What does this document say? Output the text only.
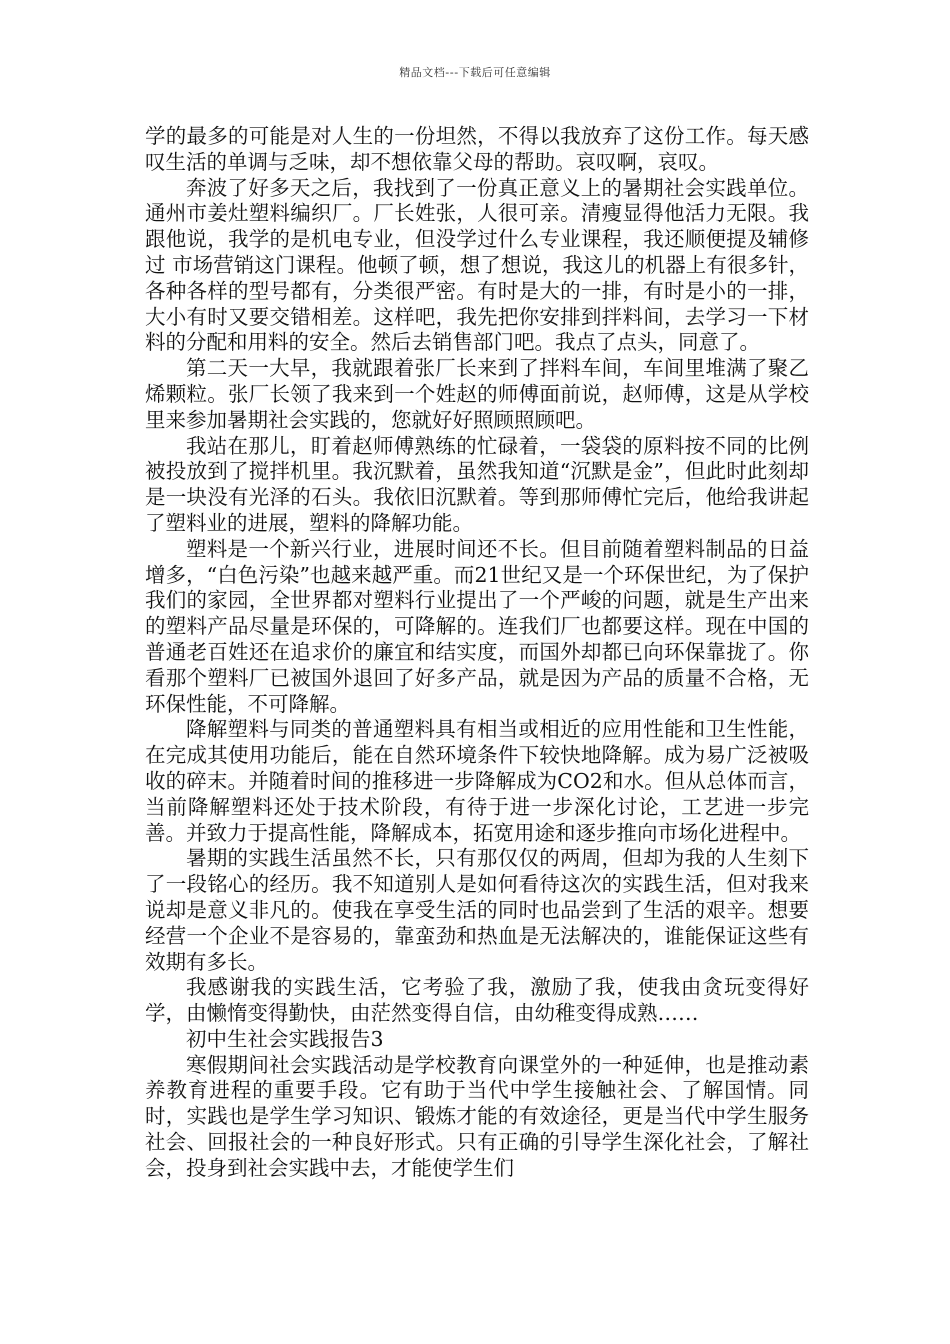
精品文档---下载后可任意编辑

学的最多的可能是对人生的一份坦然，不得以我放弃了这份工作。每天感叹生活的单调与乏味，却不想依靠父母的帮助。哀叹啊，哀叹。

奔波了好多天之后，我找到了一份真正意义上的暑期社会实践单位。通州市姜灶塑料编织厂。厂长姓张，人很可亲。清瘦显得他活力无限。我跟他说，我学的是机电专业，但没学过什么专业课程，我还顺便提及辅修过 市场营销这门课程。他顿了顿，想了想说，我这儿的机器上有很多针，各种各样的型号都有，分类很严密。有时是大的一排，有时是小的一排，大小有时又要交错相差。这样吧，我先把你安排到拌料间，去学习一下材料的分配和用料的安全。然后去销售部门吧。我点了点头，同意了。

第二天一大早，我就跟着张厂长来到了拌料车间，车间里堆满了聚乙烯颗粒。张厂长领了我来到一个姓赵的师傅面前说，赵师傅，这是从学校里来参加暑期社会实践的，您就好好照顾照顾吧。

我站在那儿，盯着赵师傅熟练的忙碌着，一袋袋的原料按不同的比例被投放到了搅拌机里。我沉默着，虽然我知道“沉默是金”，但此时此刻却是一块没有光泽的石头。我依旧沉默着。等到那师傅忙完后，他给我讲起了塑料业的进展，塑料的降解功能。

塑料是一个新兴行业，进展时间还不长。但目前随着塑料制品的日益增多，“白色污染”也越来越严重。而21世纪又是一个环保世纪，为了保护我们的家园，全世界都对塑料行业提出了一个严峻的问题，就是生产出来的塑料产品尽量是环保的，可降解的。连我们厂也都要这样。现在中国的普通老百姓还在追求价的廉宜和结实度，而国外却都已向环保靠拢了。你看那个塑料厂已被国外退回了好多产品，就是因为产品的质量不合格，无环保性能，不可降解。

降解塑料与同类的普通塑料具有相当或相近的应用性能和卫生性能，在完成其使用功能后，能在自然环境条件下较快地降解。成为易广泛被吸收的碎末。并随着时间的推移进一步降解成为CO2和水。但从总体而言，当前降解塑料还处于技术阶段，有待于进一步深化讨论，工艺进一步完善。并致力于提高性能，降解成本，拓宽用途和逐步推向市场化进程中。

暑期的实践生活虽然不长，只有那仅仅的两周，但却为我的人生刻下了一段铭心的经历。我不知道别人是如何看待这次的实践生活，但对我来说却是意义非凡的。使我在享受生活的同时也品尝到了生活的艰辛。想要经营一个企业不是容易的，靠蛮劲和热血是无法解决的，谁能保证这些有效期有多长。

我感谢我的实践生活，它考验了我，激励了我，使我由贪玩变得好学，由懒惰变得勤快，由茫然变得自信，由幼稚变得成熟……

初中生社会实践报告3

寒假期间社会实践活动是学校教育向课堂外的一种延伸，也是推动素养教育进程的重要手段。它有助于当代中学生接触社会、了解国情。同时，实践也是学生学习知识、锻炼才能的有效途径，更是当代中学生服务社会、回报社会的一种良好形式。只有正确的引导学生深化社会，了解社会，投身到社会实践中去，才能使学生们
